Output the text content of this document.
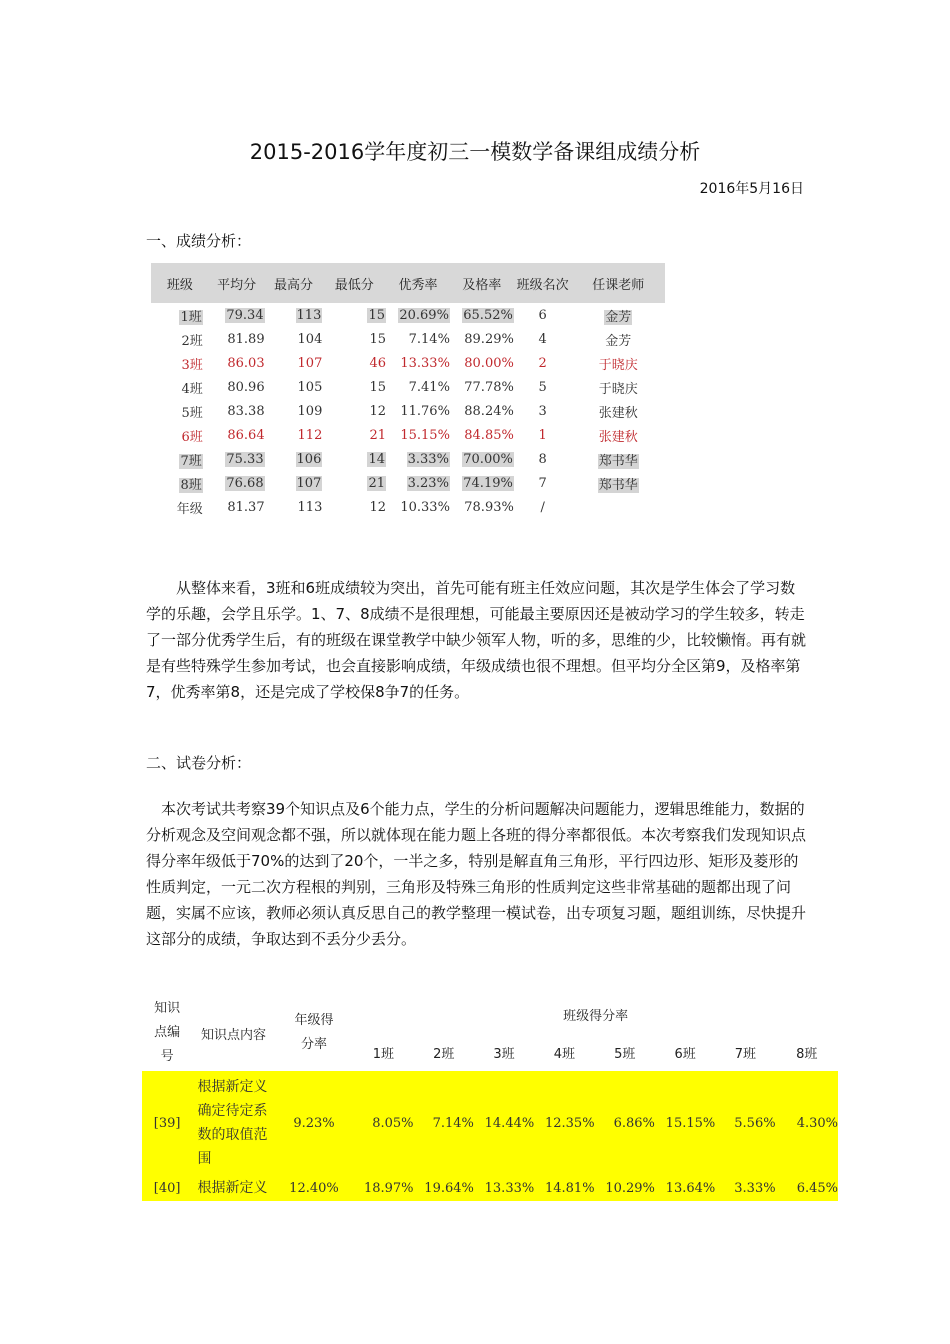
2015-2016学年度初三一模数学备课组成绩分析
2016年5月16日
一、成绩分析：
班级	平均分	最高分	最低分	优秀率	及格率	班级名次	任课老师
1班	79.34	113	15	20.69%	65.52%	6	金芳
2班	81.89	104	15	7.14%	89.29%	4	金芳
3班	86.03	107	46	13.33%	80.00%	2	于晓庆
4班	80.96	105	15	7.41%	77.78%	5	于晓庆
5班	83.38	109	12	11.76%	88.24%	3	张建秋
6班	86.64	112	21	15.15%	84.85%	1	张建秋
7班	75.33	106	14	3.33%	70.00%	8	郑书华
8班	76.68	107	21	3.23%	74.19%	7	郑书华
年级	81.37	113	12	10.33%	78.93%	/	

从整体来看，3班和6班成绩较为突出，首先可能有班主任效应问题，其次是学生体会了学习数学的乐趣，会学且乐学。1、7、8成绩不是很理想，可能最主要原因还是被动学习的学生较多，转走了一部分优秀学生后，有的班级在课堂教学中缺少领军人物，听的多，思维的少，比较懒惰。再有就是有些特殊学生参加考试，也会直接影响成绩，年级成绩也很不理想。但平均分全区第9，及格率第7，优秀率第8，还是完成了学校保8争7的任务。

二、试卷分析：

本次考试共考察39个知识点及6个能力点，学生的分析问题解决问题能力，逻辑思维能力，数据的分析观念及空间观念都不强，所以就体现在能力题上各班的得分率都很低。本次考察我们发现知识点得分率年级低于70%的达到了20个，一半之多，特别是解直角三角形，平行四边形、矩形及菱形的性质判定，一元二次方程根的判别，三角形及特殊三角形的性质判定这些非常基础的题都出现了问题，实属不应该，教师必须认真反思自己的教学整理一模试卷，出专项复习题，题组训练，尽快提升这部分的成绩，争取达到不丢分少丢分。

知识点编号	知识点内容	年级得分率	班级得分率							
			1班	2班	3班	4班	5班	6班	7班	8班
[39]	根据新定义确定待定系数的取值范围	9.23%	8.05%	7.14%	14.44%	12.35%	6.86%	15.15%	5.56%	4.30%
[40]	根据新定义	12.40%	18.97%	19.64%	13.33%	14.81%	10.29%	13.64%	3.33%	6.45%
